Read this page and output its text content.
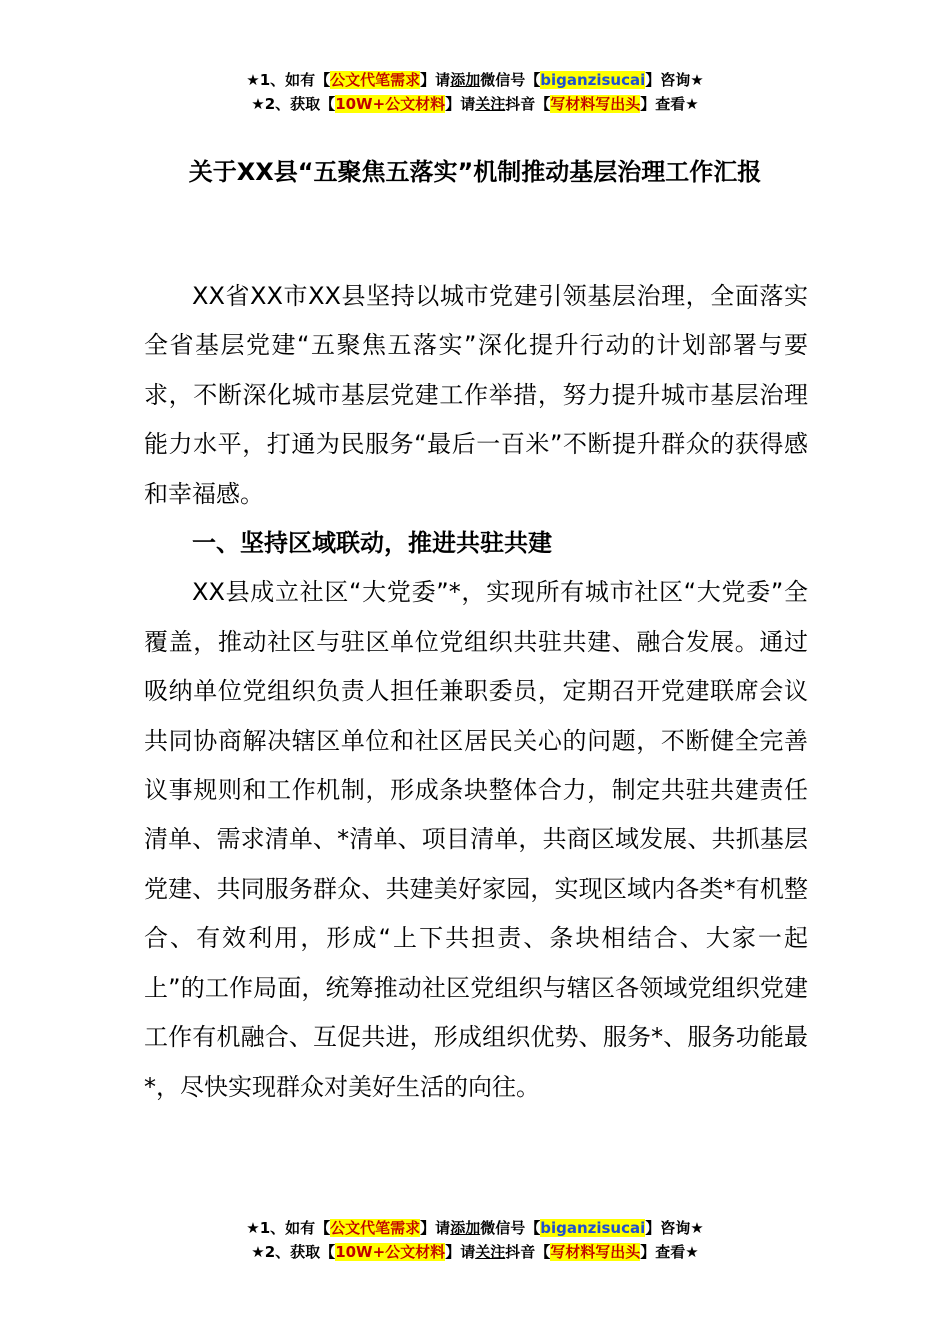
★1、如有【公文代笔需求】请添加微信号【biganzisucai】咨询★
★2、获取【10W+公文材料】请关注抖音【写材料写出头】查看★
关于XX县“五聚焦五落实”机制推动基层治理工作汇报

XX省XX市XX县坚持以城市党建引领基层治理，全面落实全省基层党建“五聚焦五落实”深化提升行动的计划部署与要求，不断深化城市基层党建工作举措，努力提升城市基层治理能力水平，打通为民服务“最后一百米”不断提升群众的获得感和幸福感。

一、坚持区域联动，推进共驻共建

XX县成立社区“大党委”*，实现所有城市社区“大党委”全覆盖，推动社区与驻区单位党组织共驻共建、融合发展。通过吸纳单位党组织负责人担任兼职委员，定期召开党建联席会议共同协商解决辖区单位和社区居民关心的问题，不断健全完善议事规则和工作机制，形成条块整体合力，制定共驻共建责任清单、需求清单、*清单、项目清单，共商区域发展、共抓基层党建、共同服务群众、共建美好家园，实现区域内各类*有机整合、有效利用，形成“上下共担责、条块相结合、大家一起上”的工作局面，统筹推动社区党组织与辖区各领域党组织党建工作有机融合、互促共进，形成组织优势、服务*、服务功能最*，尽快实现群众对美好生活的向往。

★1、如有【公文代笔需求】请添加微信号【biganzisucai】咨询★
★2、获取【10W+公文材料】请关注抖音【写材料写出头】查看★
